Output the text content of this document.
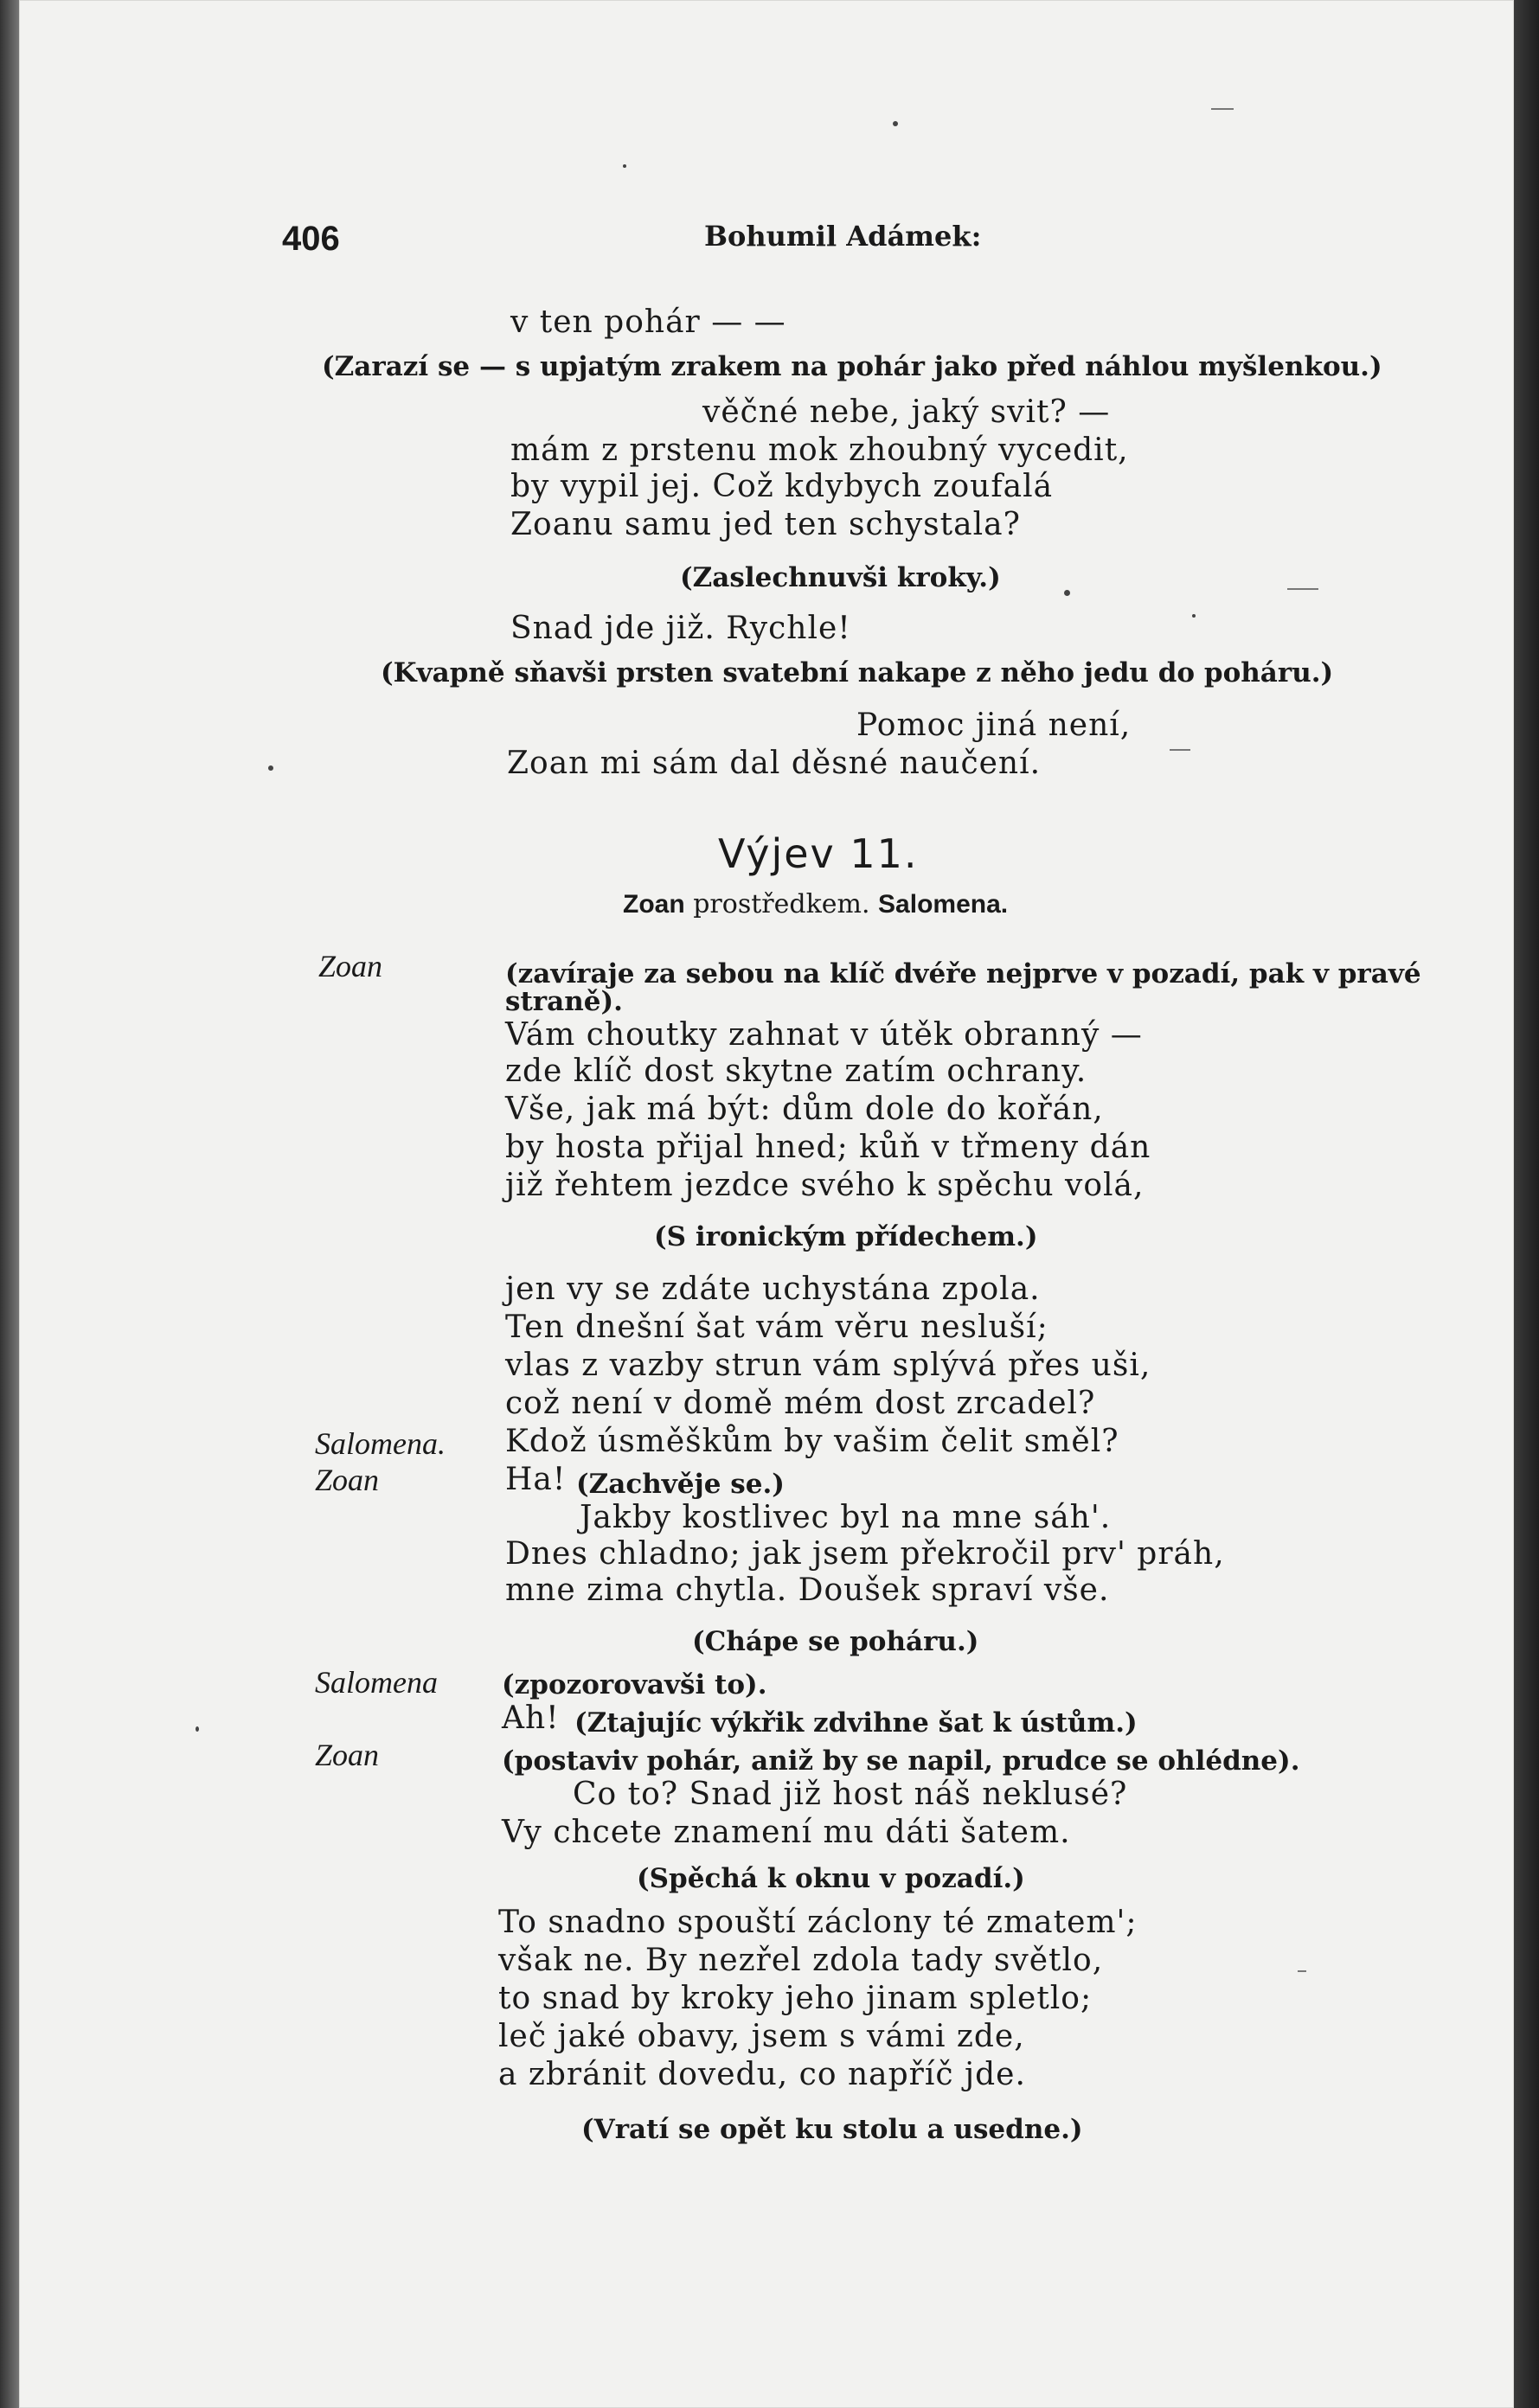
406	Bohumil Adámek:
v ten pohár — —
(Zarazí se — s upjatým zrakem na pohár jako před náhlou myšlenkou.)
věčné nebe, jaký svit? —
mám z prstenu mok zhoubný vycedit,
by vypil jej. Což kdybych zoufalá
Zoanu samu jed ten schystala?
(Zaslechnuvši kroky.)
Snad jde již. Rychle!
(Kvapně sňavši prsten svatební nakape z něho jedu do poháru.)
Pomoc jiná není,
Zoan mi sám dal děsné naučení.
Výjev 11.
Zoan prostředkem. Salomena.
Zoan
Salomena.
Zoan
Salomena
Zoan
(zavíraje za sebou na klíč dvéře nejprve v pozadí, pak v pravé
straně).
Vám choutky zahnat v útěk obranný —
zde klíč dost skytne zatím ochrany.
Vše, jak má být: dům dole do kořán,
by hosta přijal hned; kůň v třmeny dán
již řehtem jezdce svého k spěchu volá,
(S ironickým přídechem.)
jen vy se zdáte uchystána zpola.
Ten dnešní šat vám věru nesluší;
vlas z vazby strun vám splývá přes uši,
což není v domě mém dost zrcadel?
Kdož úsměškům by vašim čelit směl?
Ha! (Zachvěje se.)
Jakby kostlivec byl na mne sáh'.
Dnes chladno; jak jsem překročil prv' práh,
mne zima chytla. Doušek spraví vše.
(Chápe se poháru.)
(zpozorovavši to).
Ah! (Ztajujíc výkřik zdvihne šat k ústům.)
(postaviv pohár, aniž by se napil, prudce se ohlédne).
Co to? Snad již host náš neklusé?
Vy chcete znamení mu dáti šatem.
(Spěchá k oknu v pozadí.)
To snadno spouští záclony té zmatem';
však ne. By nezřel zdola tady světlo,
to snad by kroky jeho jinam spletlo;
leč jaké obavy, jsem s vámi zde,
a zbránit dovedu, co napříč jde.
(Vratí se opět ku stolu a usedne.)
